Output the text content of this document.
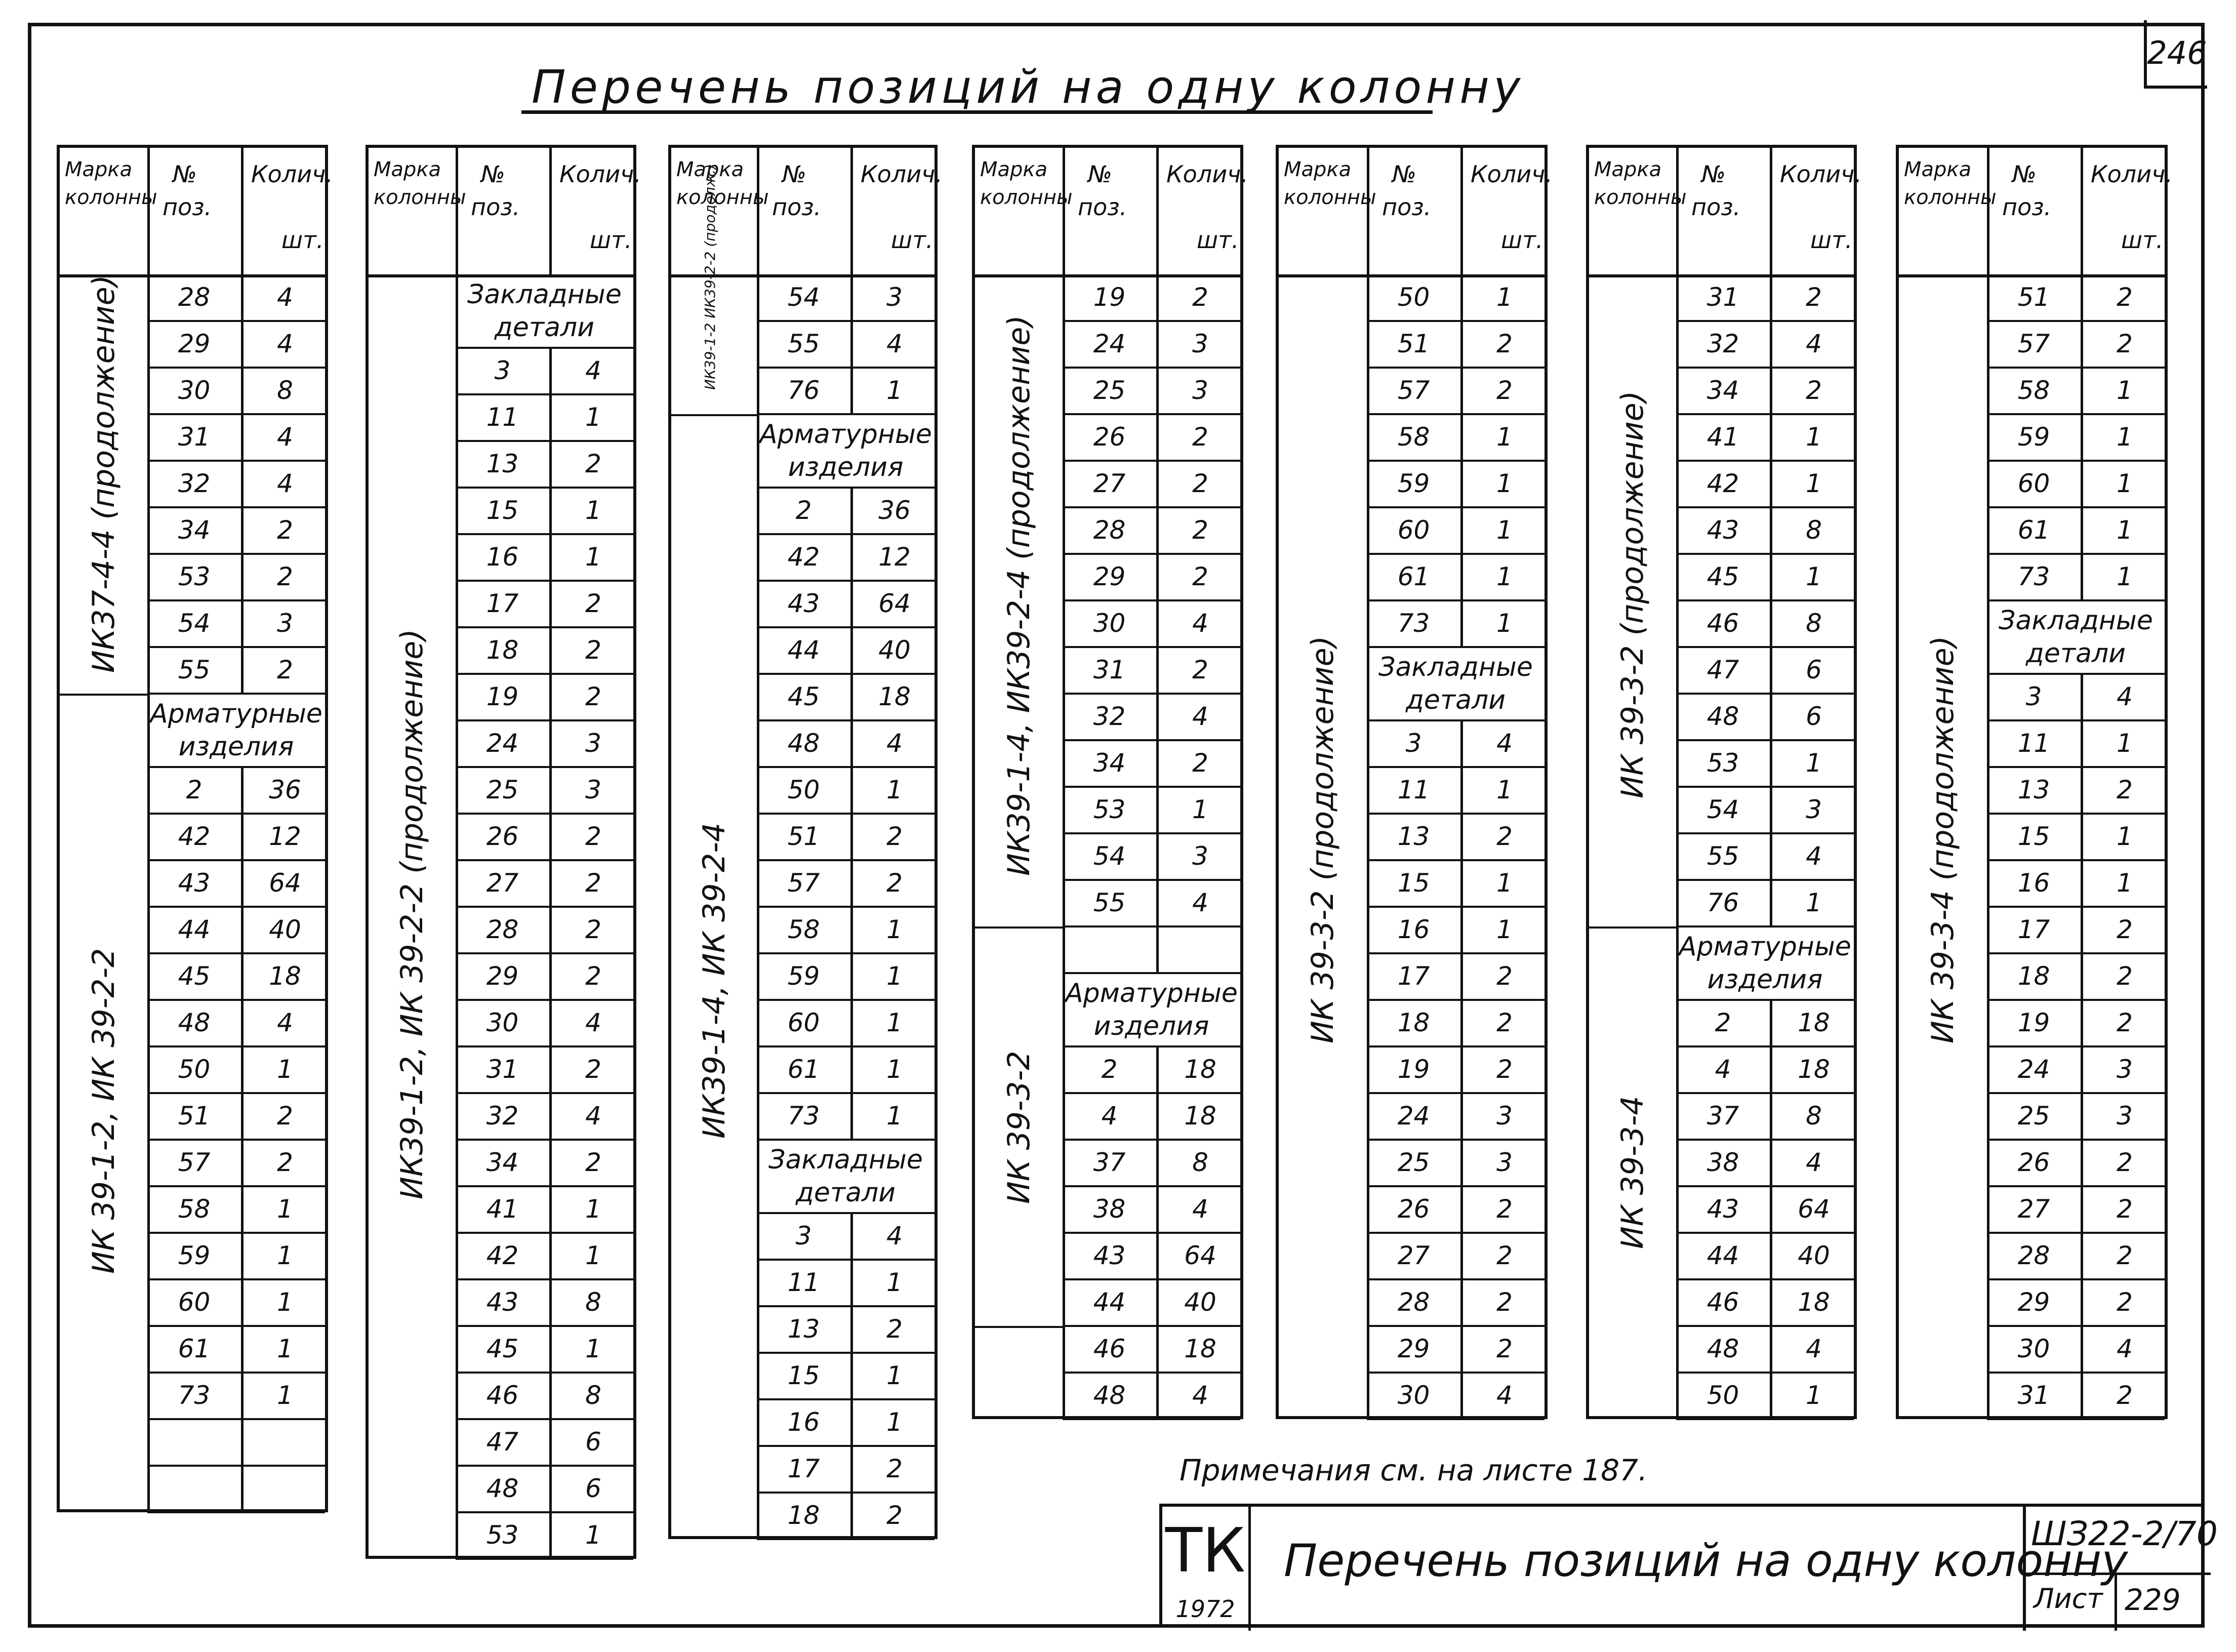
246
Перечень позиций на одну колонну
Марка
колонны
№
поз.
Колич.
шт.
28	4
29	4
30	8
31	4
32	4
34	2
53	2
54	3
55	2
Арматурные
изделия
2	36
42	12
43	64
44	40
45	18
48	4
50	1
51	2
57	2
58	1
59	1
60	1
61	1
73	1
ИК37-4-4 (продолжение)
ИК 39-1-2, ИК 39-2-2
Марка
колонны
№
поз.
Колич.
шт.
Закладные
детали
3	4
11	1
13	2
15	1
16	1
17	2
18	2
19	2
24	3
25	3
26	2
27	2
28	2
29	2
30	4
31	2
32	4
34	2
41	1
42	1
43	8
45	1
46	8
47	6
48	6
53	1
ИК39-1-2, ИК 39-2-2 (продолжение)
Марка
колонны
№
поз.
Колич.
шт.
54	3
55	4
76	1
Арматурные
изделия
2	36
42	12
43	64
44	40
45	18
48	4
50	1
51	2
57	2
58	1
59	1
60	1
61	1
73	1
Закладные
детали
3	4
11	1
13	2
15	1
16	1
17	2
18	2
ИК39-1-2 ИК39-2-2 (продолж.)
ИК39-1-4, ИК 39-2-4
Марка
колонны
№
поз.
Колич.
шт.
19	2
24	3
25	3
26	2
27	2
28	2
29	2
30	4
31	2
32	4
34	2
53	1
54	3
55	4
Арматурные
изделия
2	18
4	18
37	8
38	4
43	64
44	40
46	18
48	4
ИК39-1-4, ИК39-2-4 (продолжение)
ИК 39-3-2
Марка
колонны
№
поз.
Колич.
шт.
50	1
51	2
57	2
58	1
59	1
60	1
61	1
73	1
Закладные
детали
3	4
11	1
13	2
15	1
16	1
17	2
18	2
19	2
24	3
25	3
26	2
27	2
28	2
29	2
30	4
ИК 39-3-2 (продолжение)
Марка
колонны
№
поз.
Колич.
шт.
31	2
32	4
34	2
41	1
42	1
43	8
45	1
46	8
47	6
48	6
53	1
54	3
55	4
76	1
Арматурные
изделия
2	18
4	18
37	8
38	4
43	64
44	40
46	18
48	4
50	1
ИК 39-3-2 (продолжение)
ИК 39-3-4
Марка
колонны
№
поз.
Колич.
шт.
51	2
57	2
58	1
59	1
60	1
61	1
73	1
Закладные
детали
3	4
11	1
13	2
15	1
16	1
17	2
18	2
19	2
24	3
25	3
26	2
27	2
28	2
29	2
30	4
31	2
ИК 39-3-4 (продолжение)
Примечания см. на листе 187.
ТК
1972
Перечень позиций на одну колонну
ШЗ22-2/70
Лист 229
